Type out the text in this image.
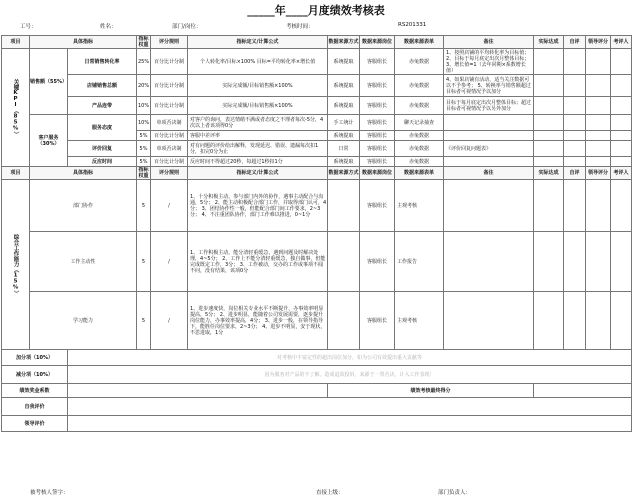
_____年____月度绩效考核表
工号：	姓名：	部门/岗位：	考核时间：	RS201331
项目	具体指标		指标权重	评分规则	指标定义/计算公式	数据来源方式	数据来源岗位	数据来源表单	备注	实际达成	自评	领导评分	考评人
关键KPI（85%）	销售额（55%）	日常销售转化率	25%	百分比计分制	个人转化率/目标×100% 目标=平均转化率×增长值	系统提取	客服组长	赤兔数据	1、按照店铺的平均转化率为目标值； 2、目标于每月底定出次月整体目标； 3、增长值=1（去年同期×系数增长值）				
		店铺销售总额	20%	百分比计分制	实际完成额/目标销售额×100%	系统提取	客服组长	赤兔数据	4、如果店铺有活动，适当关注数据可以不予参考； 5、转换率与销售额超过目标者可视情况予以加分				
		产品连带	10%	百分比计分制	实际完成额/目标销售额×100%	系统提取	客服组长	赤兔数据	目标于每月底定出次月整体目标；超过目标者可视情况予以另外加分				
	客户服务（30%）	服务态度	10%	单项否决制	对客户的询问，表达情绪不满或者态度之不理者每次-5分，4次以上者该项得0分	手工统计	客服组长	聊天记录抽查					
			5%	百分比计分制	客服中差评率	系统提取	客服组长	赤兔数据					
		评价回复	5%	单项否决制	对有问题的评价给出解释，发现延迟、错误、遗漏每次扣1分，扣完0分为止	日常	客服组长	赤兔数据	《评价回复问题表》				
		反应时间	5%	百分比计分制	反应时间不得超过20秒，每超过1秒扣1分	系统提取	客服组长	赤兔数据					
项目	具体指标		指标权重	评分规则	指标定义/计算公式	数据来源方式	数据来源岗位	数据来源表单	备注	实际达成	自评	领导评分	考评人
综合工作能力（15%）	部门协作		5	/	1、十分积极主动，参与部门内外的协作，遇事主动配合与沟通，5分； 2、能主动积极配合部门工作，并取得部门认可，4分； 3、团结协作性一般，但能配合部门间工作要求，2~3分； 4、不注重团队协作，部门工作难以推进，0~1分		客服组长	主观考核					
	工作主动性		5	/	1、工作积极主动，能分清轻重缓急，遇到问题及时解决处理，4~5分； 2、工作上不能分清轻重缓急，独自做事，但能完成既定工作，3分； 3、工作被动，交办的工作或事项不闻不问，没有结果，该项0分		客服组长	工作报告					
	学习能力		5	/	1、进步速度快，岗位相关专业水平不断提升，办事效率明显提高，5分； 2、进步明显，能随着公司发展需要，逐步提升岗位能力，办事效率提高，4分； 3、进步一般，在领导指导下，能胜任岗位要求，2~3分； 4、进步不明显，安于现状，不思进取，1分		客服组长	主观考核					
加分项（10%）		对考核中丰富定性的超出岗位加分，如为公司有效提出重大贡献等											
减分项（10%）		因为服务对产品的不了解，造成退款投诉，来源于一票否决，计入工作表现！											
绩效奖金系数						绩效考核最终得分							
自我评价													
领导评价													
被考核人签字：	直接上级：	部门负责人：
